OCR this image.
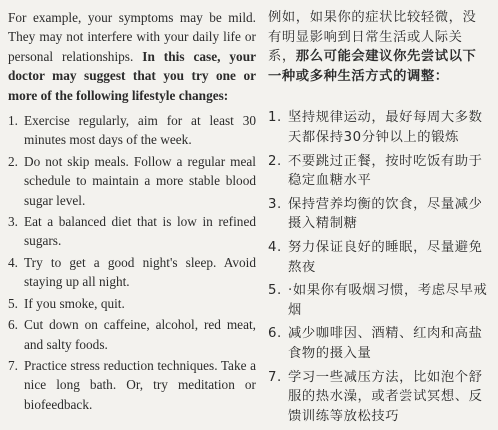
For example, your symptoms may be mild. They may not interfere with your daily life or personal relationships. In this case, your doctor may suggest that you try one or more of the following lifestyle changes:

1. Exercise regularly, aim for at least 30 minutes most days of the week.
2. Do not skip meals. Follow a regular meal schedule to maintain a more stable blood sugar level.
3. Eat a balanced diet that is low in refined sugars.
4. Try to get a good night's sleep. Avoid staying up all night.
5. If you smoke, quit.
6. Cut down on caffeine, alcohol, red meat, and salty foods.
7. Practice stress reduction techniques. Take a nice long bath. Or, try meditation or biofeedback.

例如，如果你的症状比较轻微，没有明显影响到日常生活或人际关系，那么可能会建议你先尝试以下一种或多种生活方式的调整：

1. 坚持规律运动，最好每周大多数天都保持30分钟以上的锻炼
2. 不要跳过正餐，按时吃饭有助于稳定血糖水平
3. 保持营养均衡的饮食，尽量减少摄入精制糖
4. 努力保证良好的睡眠，尽量避免熬夜
5. ·如果你有吸烟习惯，考虑尽早戒烟
6. 减少咖啡因、酒精、红肉和高盐食物的摄入量
7. 学习一些减压方法，比如泡个舒服的热水澡，或者尝试冥想、反馈训练等放松技巧
